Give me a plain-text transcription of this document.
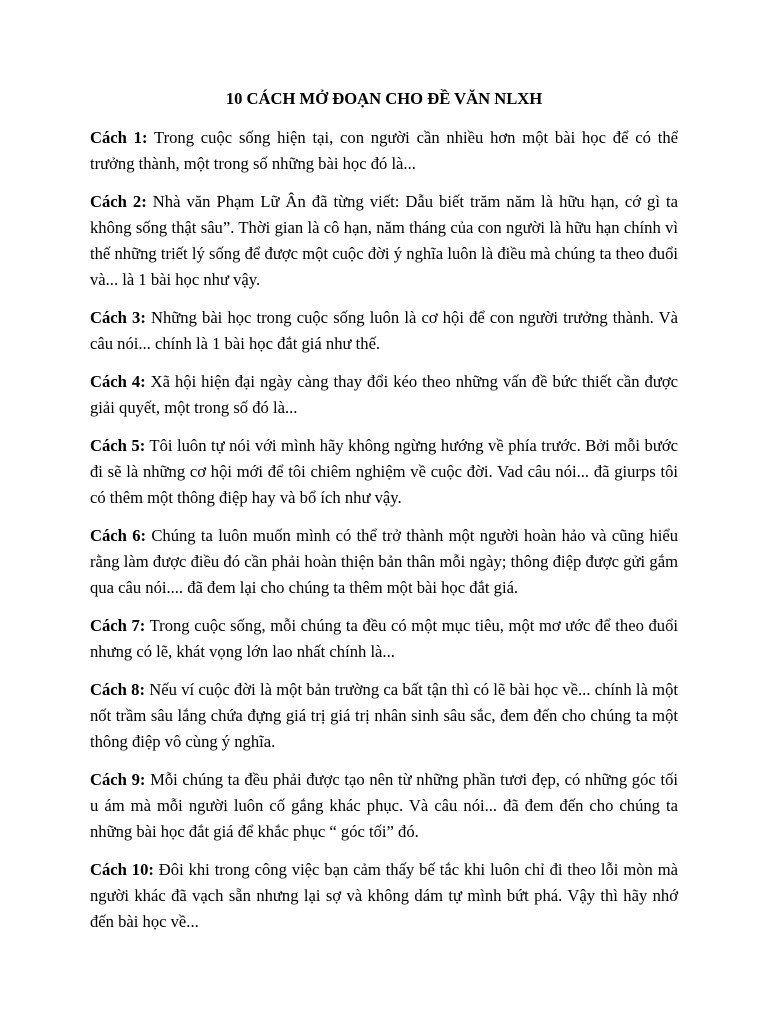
10 CÁCH MỞ ĐOẠN CHO ĐỀ VĂN NLXH

Cách 1: Trong cuộc sống hiện tại, con người cần nhiều hơn một bài học để có thể trưởng thành, một trong số những bài học đó là...

Cách 2: Nhà văn Phạm Lữ Ân đã từng viết: Dẫu biết trăm năm là hữu hạn, cớ gì ta không sống thật sâu”. Thời gian là cô hạn, năm tháng của con người là hữu hạn chính vì thế những triết lý sống để được một cuộc đời ý nghĩa luôn là điều mà chúng ta theo đuổi và... là 1 bài học như vậy.

Cách 3: Những bài học trong cuộc sống luôn là cơ hội để con người trưởng thành. Và câu nói... chính là 1 bài học đắt giá như thế.

Cách 4: Xã hội hiện đại ngày càng thay đổi kéo theo những vấn đề bức thiết cần được giải quyết, một trong số đó là...

Cách 5: Tôi luôn tự nói với mình hãy không ngừng hướng về phía trước. Bởi mỗi bước đi sẽ là những cơ hội mới để tôi chiêm nghiệm về cuộc đời. Vad câu nói... đã giurps tôi có thêm một thông điệp hay và bổ ích như vậy.

Cách 6: Chúng ta luôn muốn mình có thể trở thành một người hoàn hảo và cũng hiểu rằng làm được điều đó cần phải hoàn thiện bản thân mỗi ngày; thông điệp được gửi gắm qua câu nói.... đã đem lại cho chúng ta thêm một bài học đắt giá.

Cách 7: Trong cuộc sống, mỗi chúng ta đều có một mục tiêu, một mơ ước để theo đuổi nhưng có lẽ, khát vọng lớn lao nhất chính là...

Cách 8: Nếu ví cuộc đời là một bản trường ca bất tận thì có lẽ bài học về... chính là một nốt trầm sâu lắng chứa đựng giá trị giá trị nhân sinh sâu sắc, đem đến cho chúng ta một thông điệp vô cùng ý nghĩa.

Cách 9: Mỗi chúng ta đều phải được tạo nên từ những phần tươi đẹp, có những góc tối u ám mà mỗi người luôn cố gắng khác phục. Và câu nói... đã đem đến cho chúng ta những bài học đắt giá để khắc phục “ góc tối” đó.

Cách 10: Đôi khi trong công việc bạn cảm thấy bế tắc khi luôn chỉ đi theo lỗi mòn mà người khác đã vạch sẵn nhưng lại sợ và không dám tự mình bứt phá. Vậy thì hãy nhớ đến bài học về...
